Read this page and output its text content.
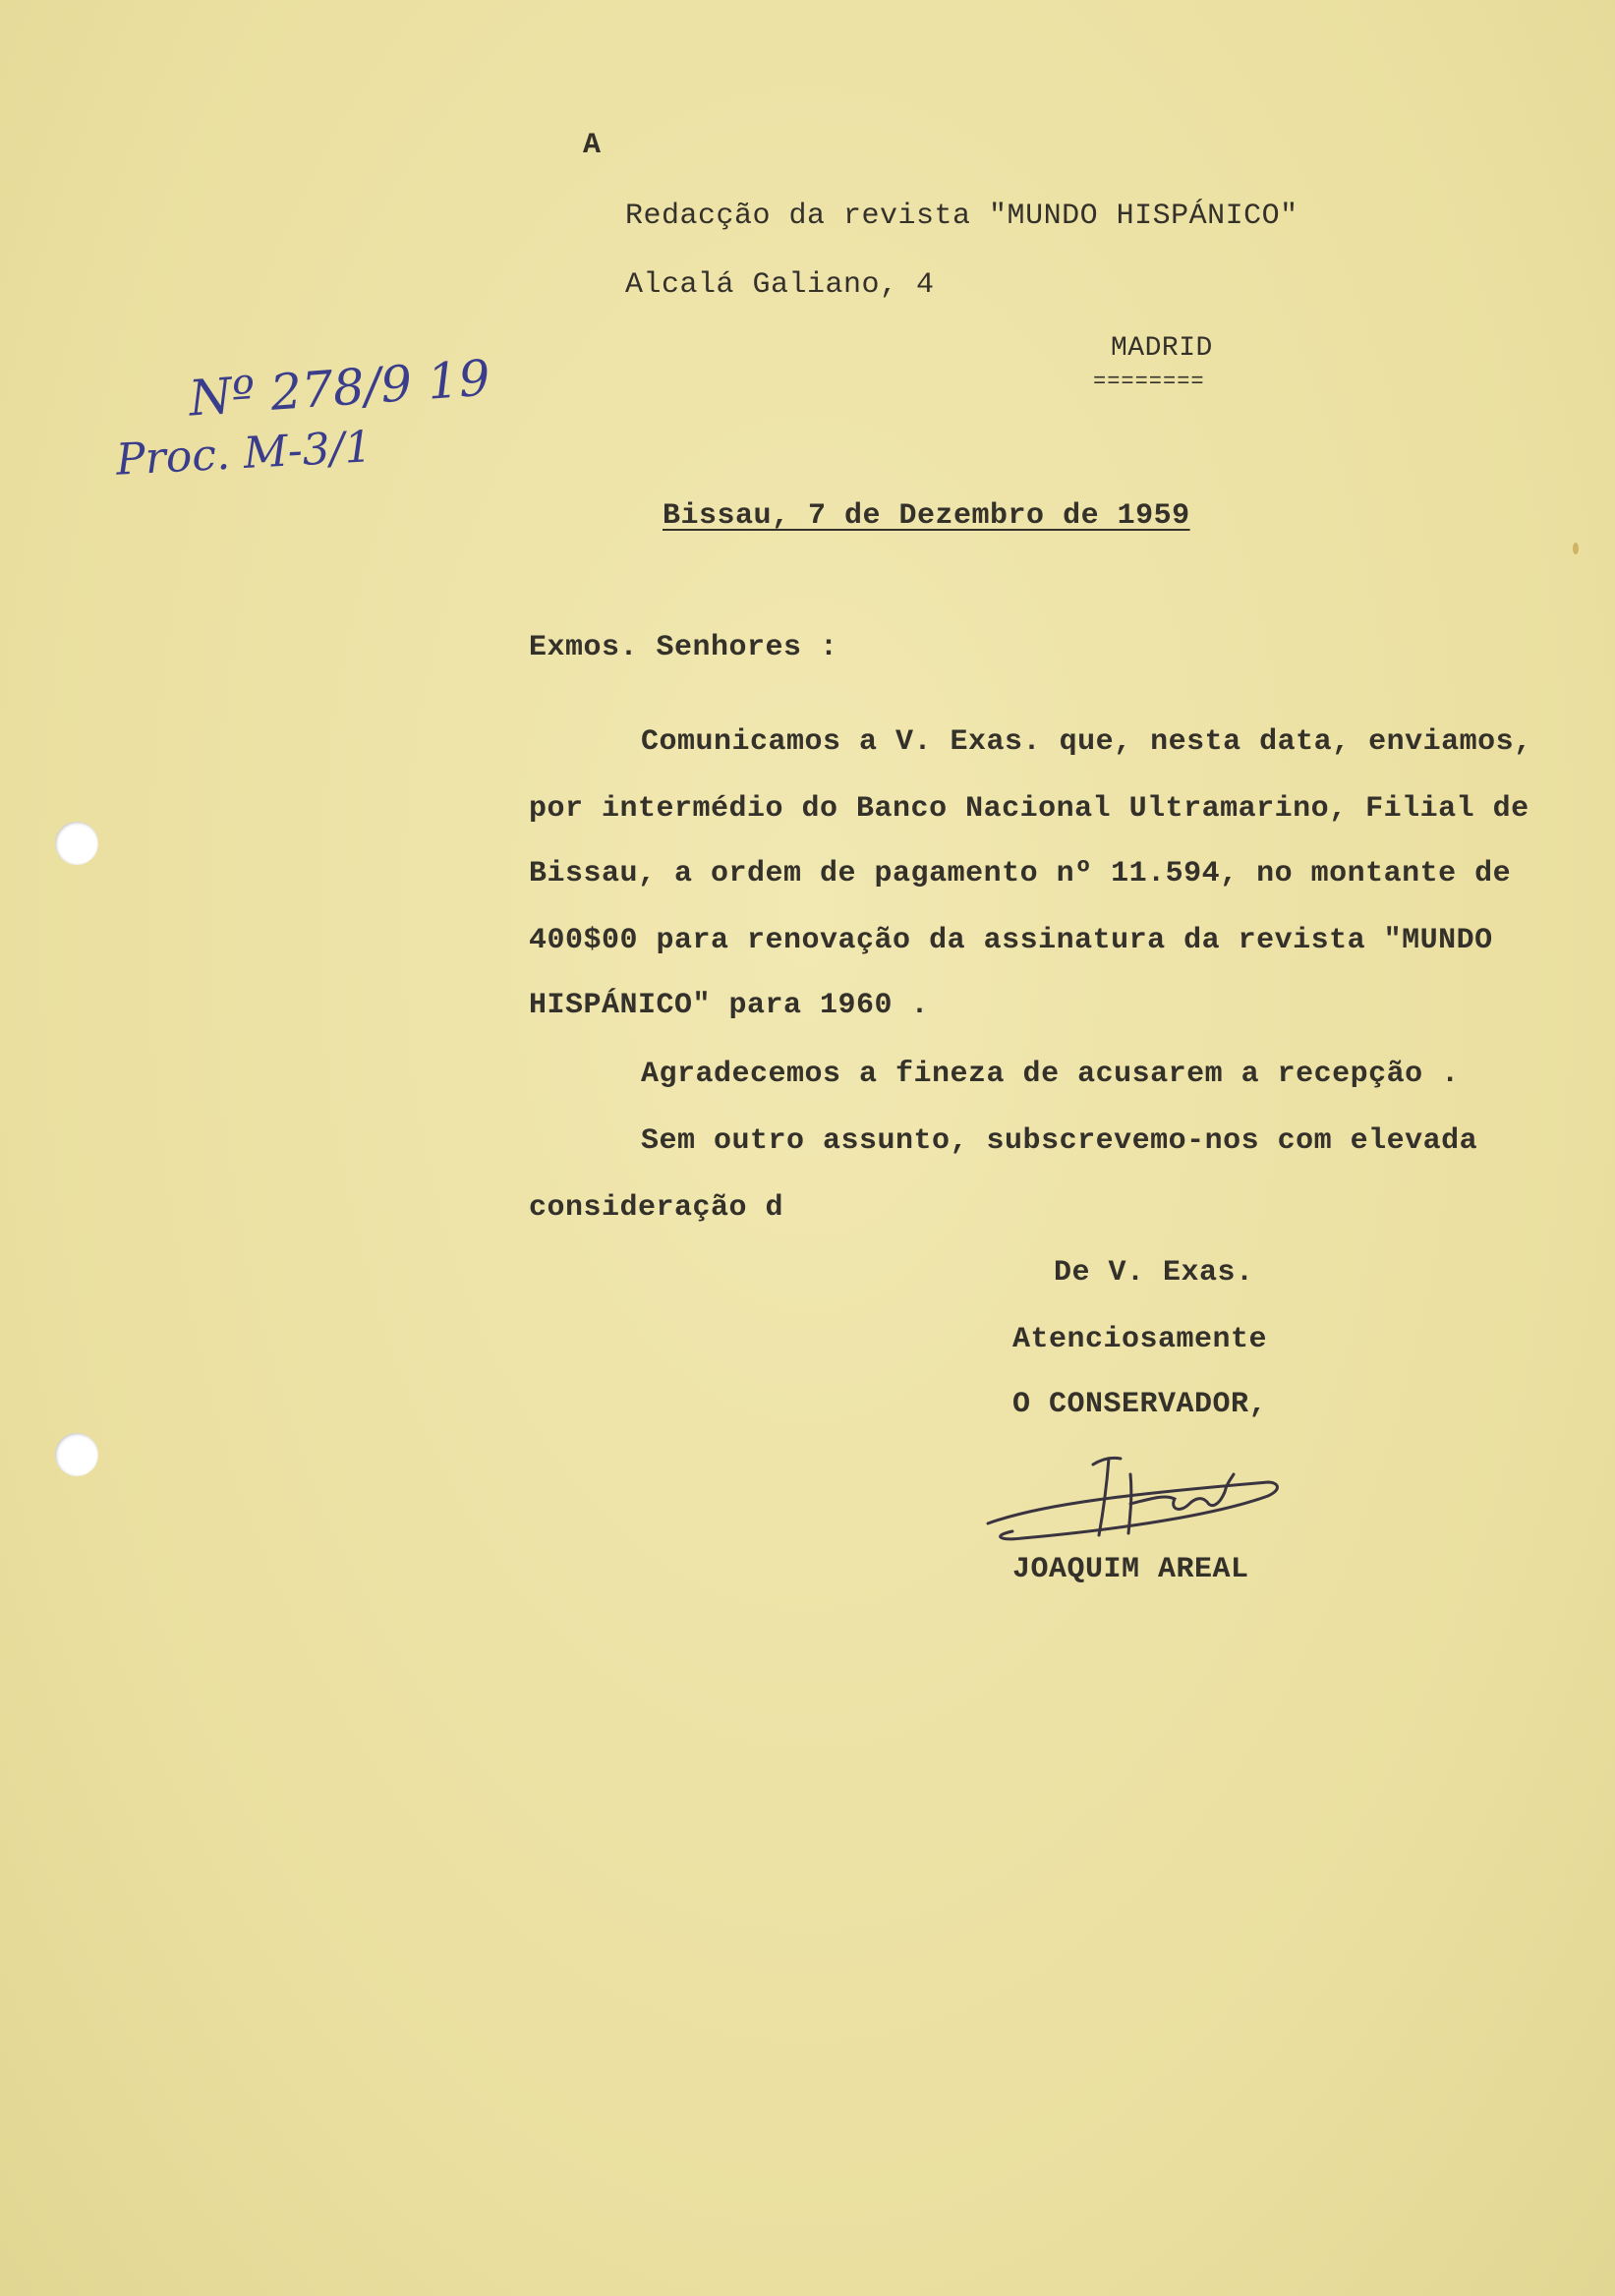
A
Redacção da revista "MUNDO HISPÁNICO"
Alcalá Galiano, 4
MADRID
========
Nº 278/9 19
Proc. M-3/1
Bissau, 7 de Dezembro de 1959
Exmos. Senhores :
Comunicamos a V. Exas. que, nesta data, enviamos,
por intermédio do Banco Nacional Ultramarino, Filial de
Bissau, a ordem de pagamento nº 11.594, no montante de
400$00 para renovação da assinatura da revista "MUNDO
HISPÁNICO" para 1960 .
Agradecemos a fineza de acusarem a recepção .
Sem outro assunto, subscrevemo-nos com elevada
consideração d
De V. Exas.
Atenciosamente
O CONSERVADOR,
JOAQUIM AREAL
